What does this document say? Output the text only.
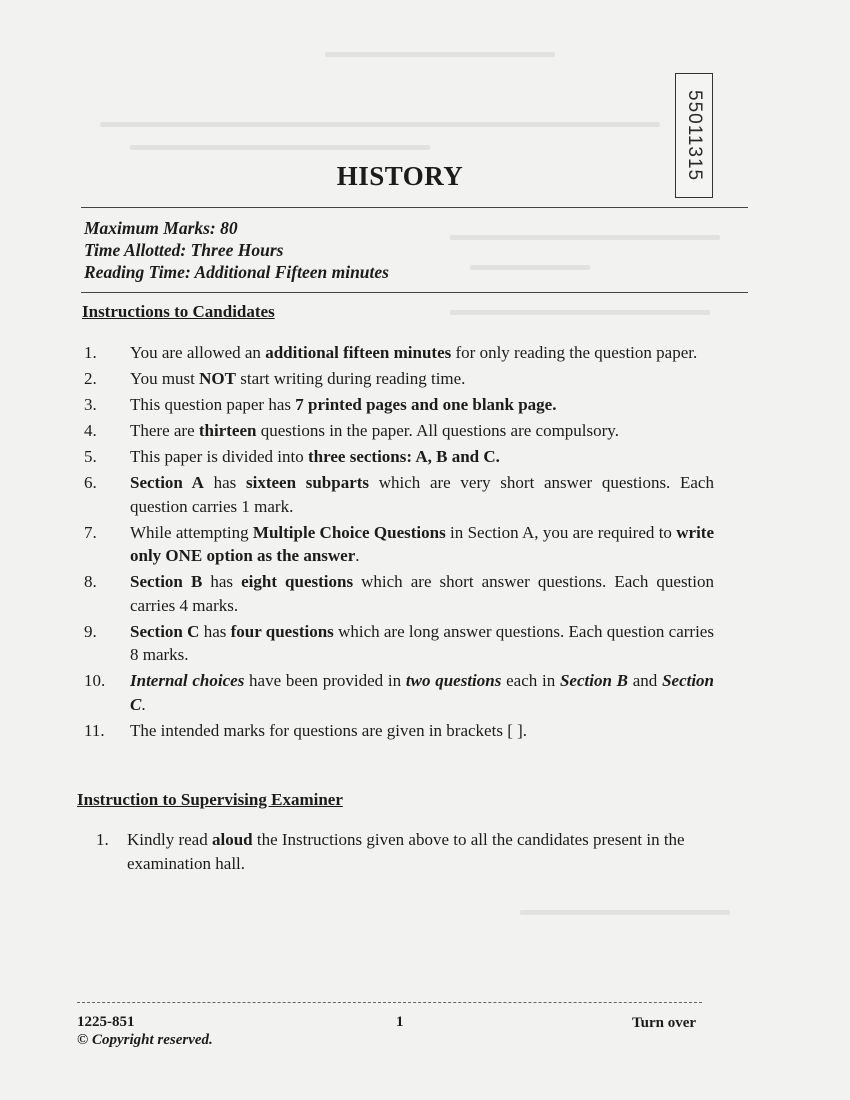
55011315
HISTORY
Maximum Marks: 80
Time Allotted: Three Hours
Reading Time: Additional Fifteen minutes
Instructions to Candidates
1.	You are allowed an additional fifteen minutes for only reading the question paper.
2.	You must NOT start writing during reading time.
3.	This question paper has 7 printed pages and one blank page.
4.	There are thirteen questions in the paper. All questions are compulsory.
5.	This paper is divided into three sections: A, B and C.
6.	Section A has sixteen subparts which are very short answer questions. Each question carries 1 mark.
7.	While attempting Multiple Choice Questions in Section A, you are required to write only ONE option as the answer.
8.	Section B has eight questions which are short answer questions. Each question carries 4 marks.
9.	Section C has four questions which are long answer questions. Each question carries 8 marks.
10. Internal choices have been provided in two questions each in Section B and Section C.
11.	The intended marks for questions are given in brackets [ ].
Instruction to Supervising Examiner
1. Kindly read aloud the Instructions given above to all the candidates present in the examination hall.
1225-851	1	Turn over
© Copyright reserved.
